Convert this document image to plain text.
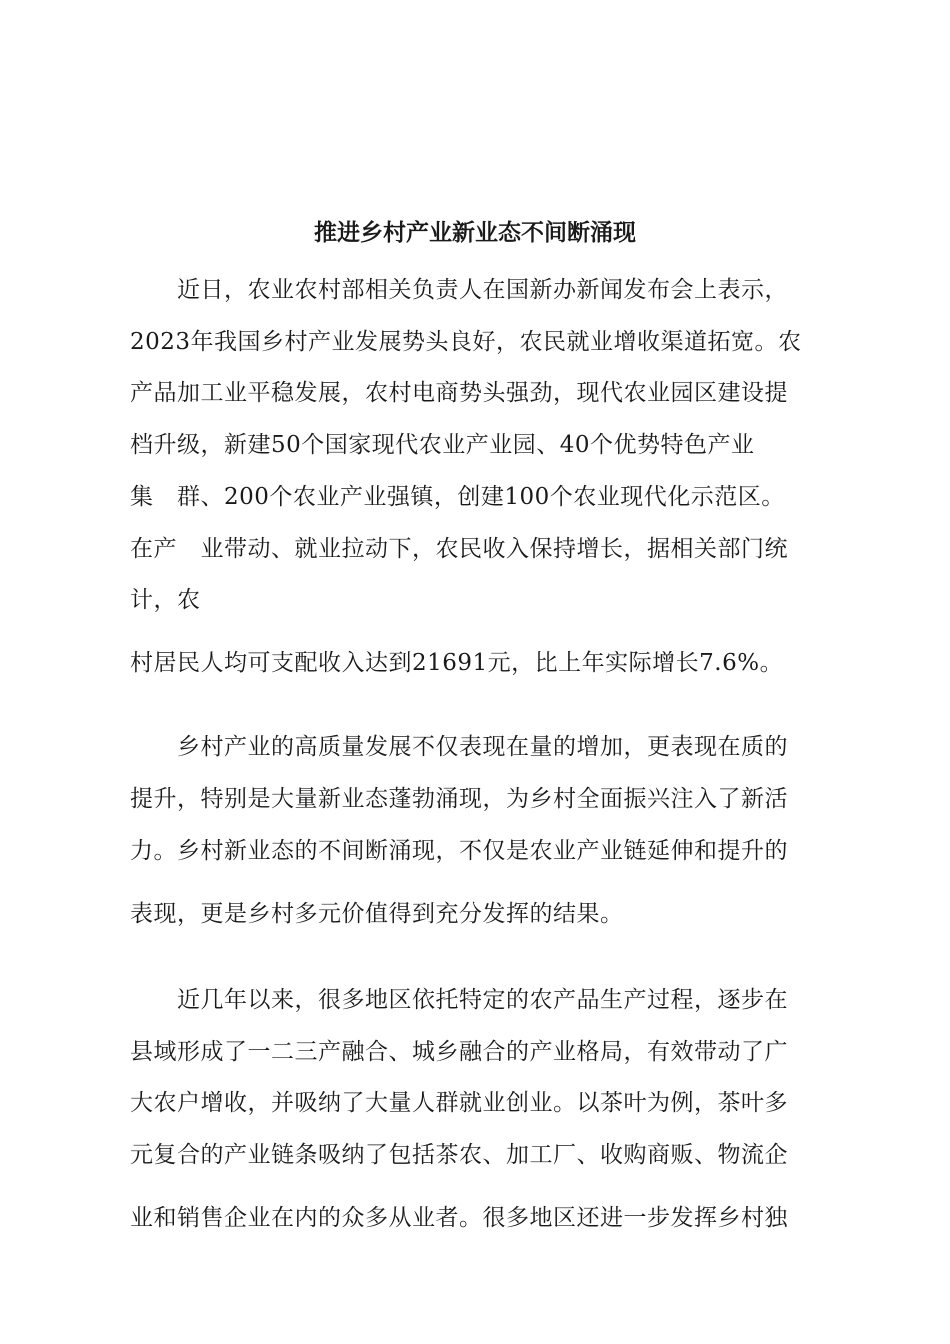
推进乡村产业新业态不间断涌现
　　近日，农业农村部相关负责人在国新办新闻发布会上表示，
2023年我国乡村产业发展势头良好，农民就业增收渠道拓宽。农
产品加工业平稳发展，农村电商势头强劲，现代农业园区建设提
档升级，新建50个国家现代农业产业园、40个优势特色产业
集　群、200个农业产业强镇，创建100个农业现代化示范区。
在产　业带动、就业拉动下，农民收入保持增长，据相关部门统
计，农
村居民人均可支配收入达到21691元，比上年实际增长7.6%。
　　乡村产业的高质量发展不仅表现在量的增加，更表现在质的
提升，特别是大量新业态蓬勃涌现，为乡村全面振兴注入了新活
力。乡村新业态的不间断涌现，不仅是农业产业链延伸和提升的
表现，更是乡村多元价值得到充分发挥的结果。
　　近几年以来，很多地区依托特定的农产品生产过程，逐步在
县域形成了一二三产融合、城乡融合的产业格局，有效带动了广
大农户增收，并吸纳了大量人群就业创业。以茶叶为例，茶叶多
元复合的产业链条吸纳了包括茶农、加工厂、收购商贩、物流企
业和销售企业在内的众多从业者。很多地区还进一步发挥乡村独
